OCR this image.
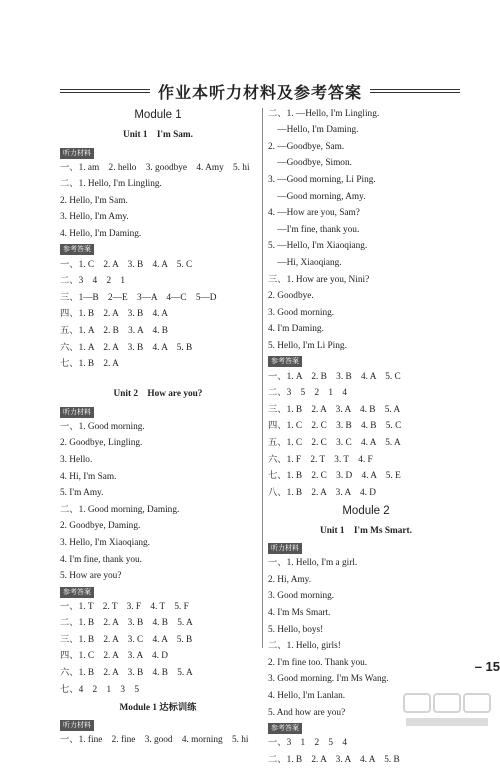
作业本听力材料及参考答案
Module 1
Unit 1    I'm Sam.
听力材料
一、1. am    2. hello    3. goodbye    4. Amy    5. hi
二、1. Hello, I'm Lingling.
2. Hello, I'm Sam.
3. Hello, I'm Amy.
4. Hello, I'm Daming.
参考答案
一、1. C    2. A    3. B    4. A    5. C
二、3    4    2    1
三、1—B    2—E    3—A    4—C    5—D
四、1. B    2. A    3. B    4. A
五、1. A    2. B    3. A    4. B
六、1. A    2. A    3. B    4. A    5. B
七、1. B    2. A
Unit 2    How are you?
听力材料
一、1. Good morning.
2. Goodbye, Lingling.
3. Hello.
4. Hi, I'm Sam.
5. I'm Amy.
二、1. Good morning, Daming.
2. Goodbye, Daming.
3. Hello, I'm Xiaoqiang.
4. I'm fine, thank you.
5. How are you?
参考答案
一、1. T    2. T    3. F    4. T    5. F
二、1. B    2. A    3. B    4. B    5. A
三、1. B    2. A    3. C    4. A    5. B
四、1. C    2. A    3. A    4. D
六、1. B    2. A    3. B    4. B    5. A
七、4    2    1    3    5
Module 1 达标训练
听力材料
一、1. fine    2. fine    3. good    4. morning    5. hi
二、1. —Hello, I'm Lingling.
—Hello, I'm Daming.
2. —Goodbye, Sam.
—Goodbye, Simon.
3. —Good morning, Li Ping.
—Good morning, Amy.
4. —How are you, Sam?
—I'm fine, thank you.
5. —Hello, I'm Xiaoqiang.
—Hi, Xiaoqiang.
三、1. How are you, Nini?
2. Goodbye.
3. Good morning.
4. I'm Daming.
5. Hello, I'm Li Ping.
参考答案
一、1. A    2. B    3. B    4. A    5. C
二、3    5    2    1    4
三、1. B    2. A    3. A    4. B    5. A
四、1. C    2. C    3. B    4. B    5. C
五、1. C    2. C    3. C    4. A    5. A
六、1. F    2. T    3. T    4. F
七、1. B    2. C    3. D    4. A    5. E
八、1. B    2. A    3. A    4. D
Module 2
Unit 1    I'm Ms Smart.
听力材料
一、1. Hello, I'm a girl.
2. Hi, Amy.
3. Good morning.
4. I'm Ms Smart.
5. Hello, boys!
二、1. Hello, girls!
2. I'm fine too. Thank you.
3. Good morning. I'm Ms Wang.
4. Hello, I'm Lanlan.
5. And how are you?
参考答案
一、3    1    2    5    4
二、1. B    2. A    3. A    4. A    5. B
– 15
